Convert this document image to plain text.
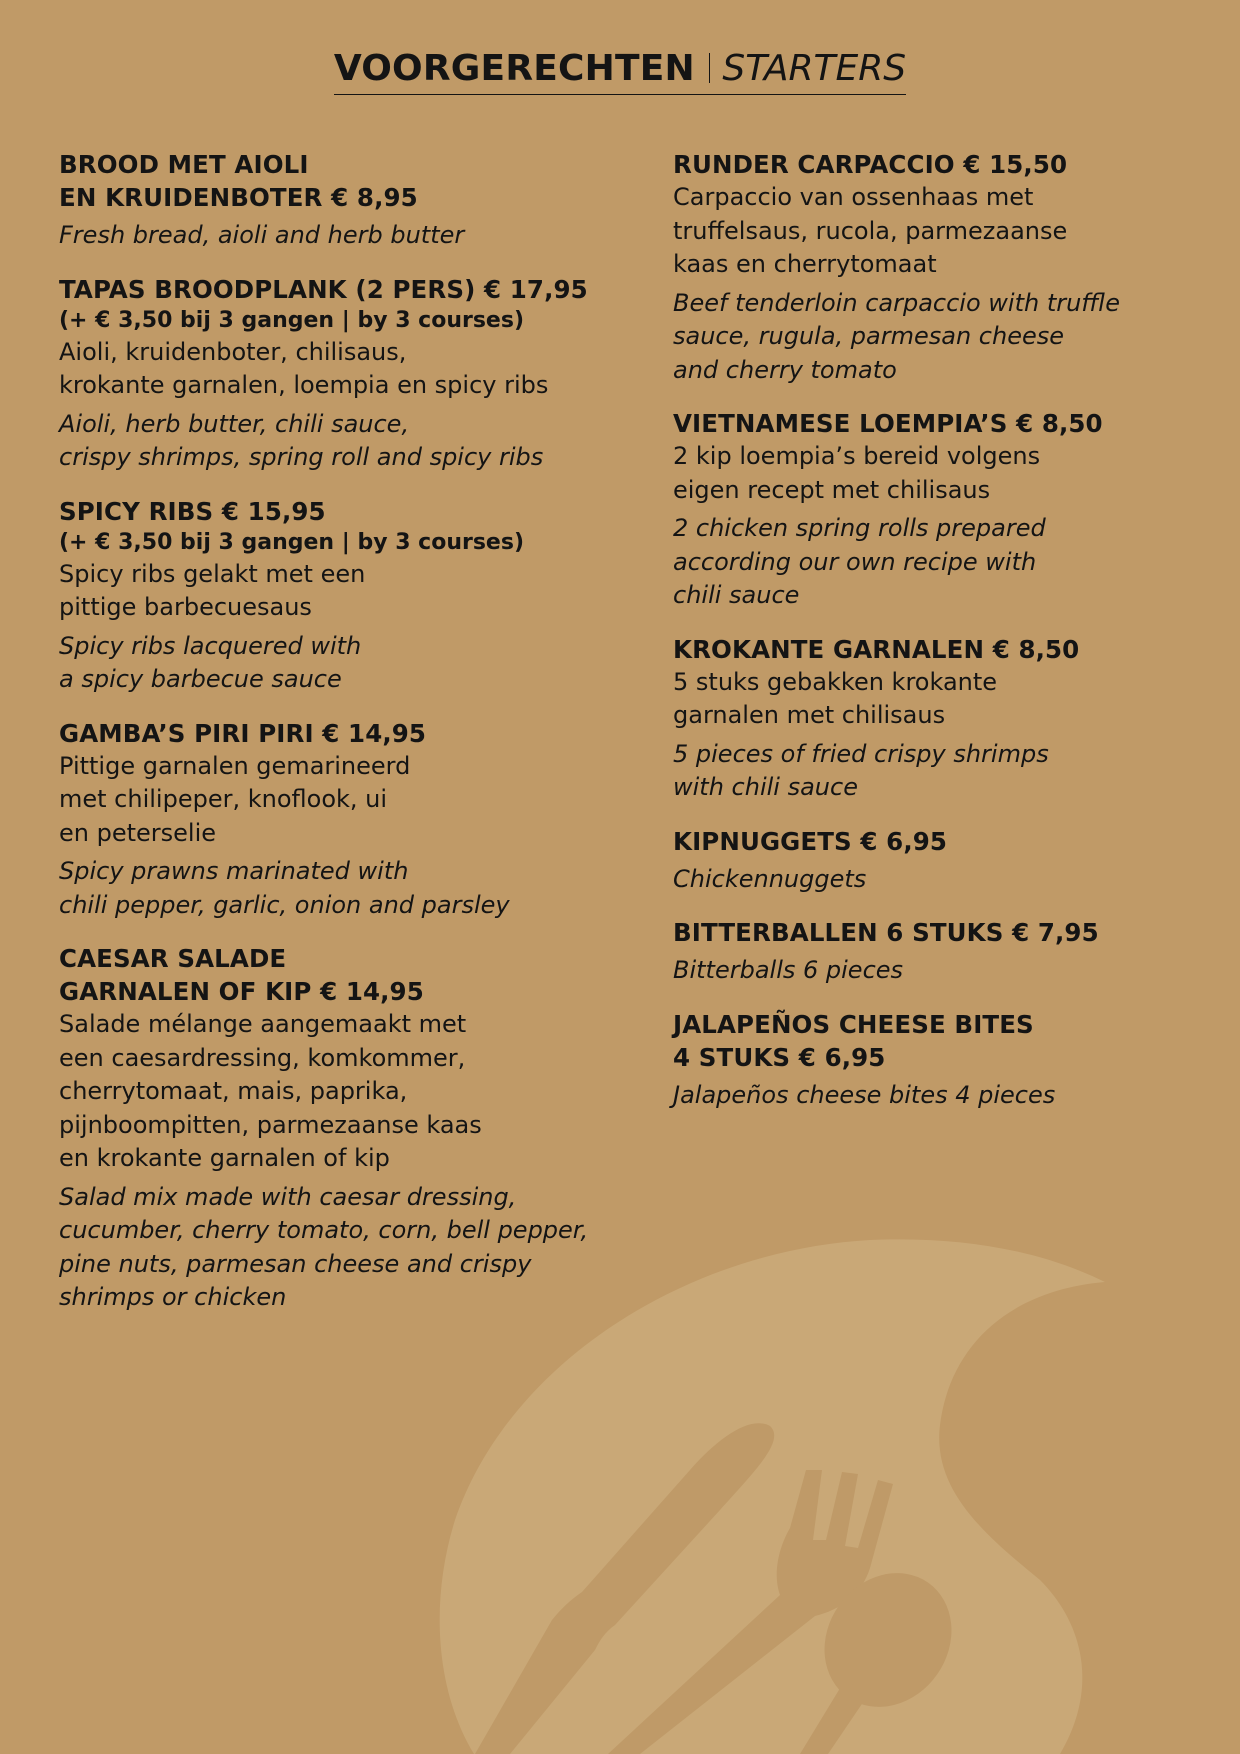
VOORGERECHTEN STARTERS
BROOD MET AIOLI
EN KRUIDENBOTER € 8,95
Fresh bread, aioli and herb butter
TAPAS BROODPLANK (2 PERS) € 17,95
(+ € 3,50 bij 3 gangen | by 3 courses)
Aioli, kruidenboter, chilisaus,
krokante garnalen, loempia en spicy ribs
Aioli, herb butter, chili sauce,
crispy shrimps, spring roll and spicy ribs
SPICY RIBS € 15,95
(+ € 3,50 bij 3 gangen | by 3 courses)
Spicy ribs gelakt met een
pittige barbecuesaus
Spicy ribs lacquered with
a spicy barbecue sauce
GAMBA’S PIRI PIRI € 14,95
Pittige garnalen gemarineerd
met chilipeper, knoflook, ui
en peterselie
Spicy prawns marinated with
chili pepper, garlic, onion and parsley
CAESAR SALADE
GARNALEN OF KIP € 14,95
Salade mélange aangemaakt met
een caesardressing, komkommer,
cherrytomaat, mais, paprika,
pijnboompitten, parmezaanse kaas
en krokante garnalen of kip
Salad mix made with caesar dressing,
cucumber, cherry tomato, corn, bell pepper,
pine nuts, parmesan cheese and crispy
shrimps or chicken
RUNDER CARPACCIO € 15,50
Carpaccio van ossenhaas met
truffelsaus, rucola, parmezaanse
kaas en cherrytomaat
Beef tenderloin carpaccio with truffle
sauce, rugula, parmesan cheese
and cherry tomato
VIETNAMESE LOEMPIA’S € 8,50
2 kip loempia’s bereid volgens
eigen recept met chilisaus
2 chicken spring rolls prepared
according our own recipe with
chili sauce
KROKANTE GARNALEN € 8,50
5 stuks gebakken krokante
garnalen met chilisaus
5 pieces of fried crispy shrimps
with chili sauce
KIPNUGGETS € 6,95
Chickennuggets
BITTERBALLEN 6 STUKS € 7,95
Bitterballs 6 pieces
JALAPEÑOS CHEESE BITES
4 STUKS € 6,95
Jalapeños cheese bites 4 pieces
